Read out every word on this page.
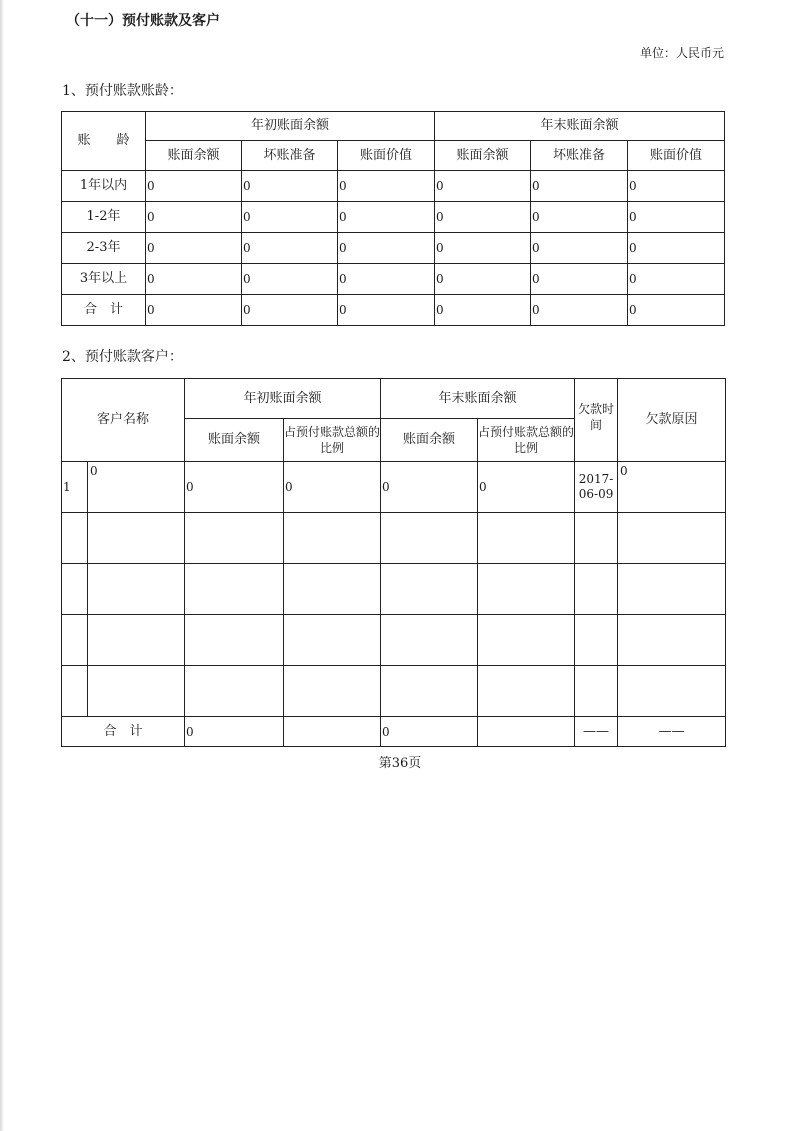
（十一）预付账款及客户
单位：人民币元
1、预付账款账龄：
账　　龄	年初账面余额			年末账面余额		
	账面余额	坏账准备	账面价值	账面余额	坏账准备	账面价值
1年以内	0	0	0	0	0	0
1-2年	0	0	0	0	0	0
2-3年	0	0	0	0	0	0
3年以上	0	0	0	0	0	0
合　计	0	0	0	0	0	0
2、预付账款客户：
客户名称		年初账面余额		年末账面余额		欠款时间	欠款原因
		账面余额	占预付账款总额的比例	账面余额	占预付账款总额的比例		
1	0	0	0	0	0	2017-06-09	0

合　计		0		0		——	——
第36页
